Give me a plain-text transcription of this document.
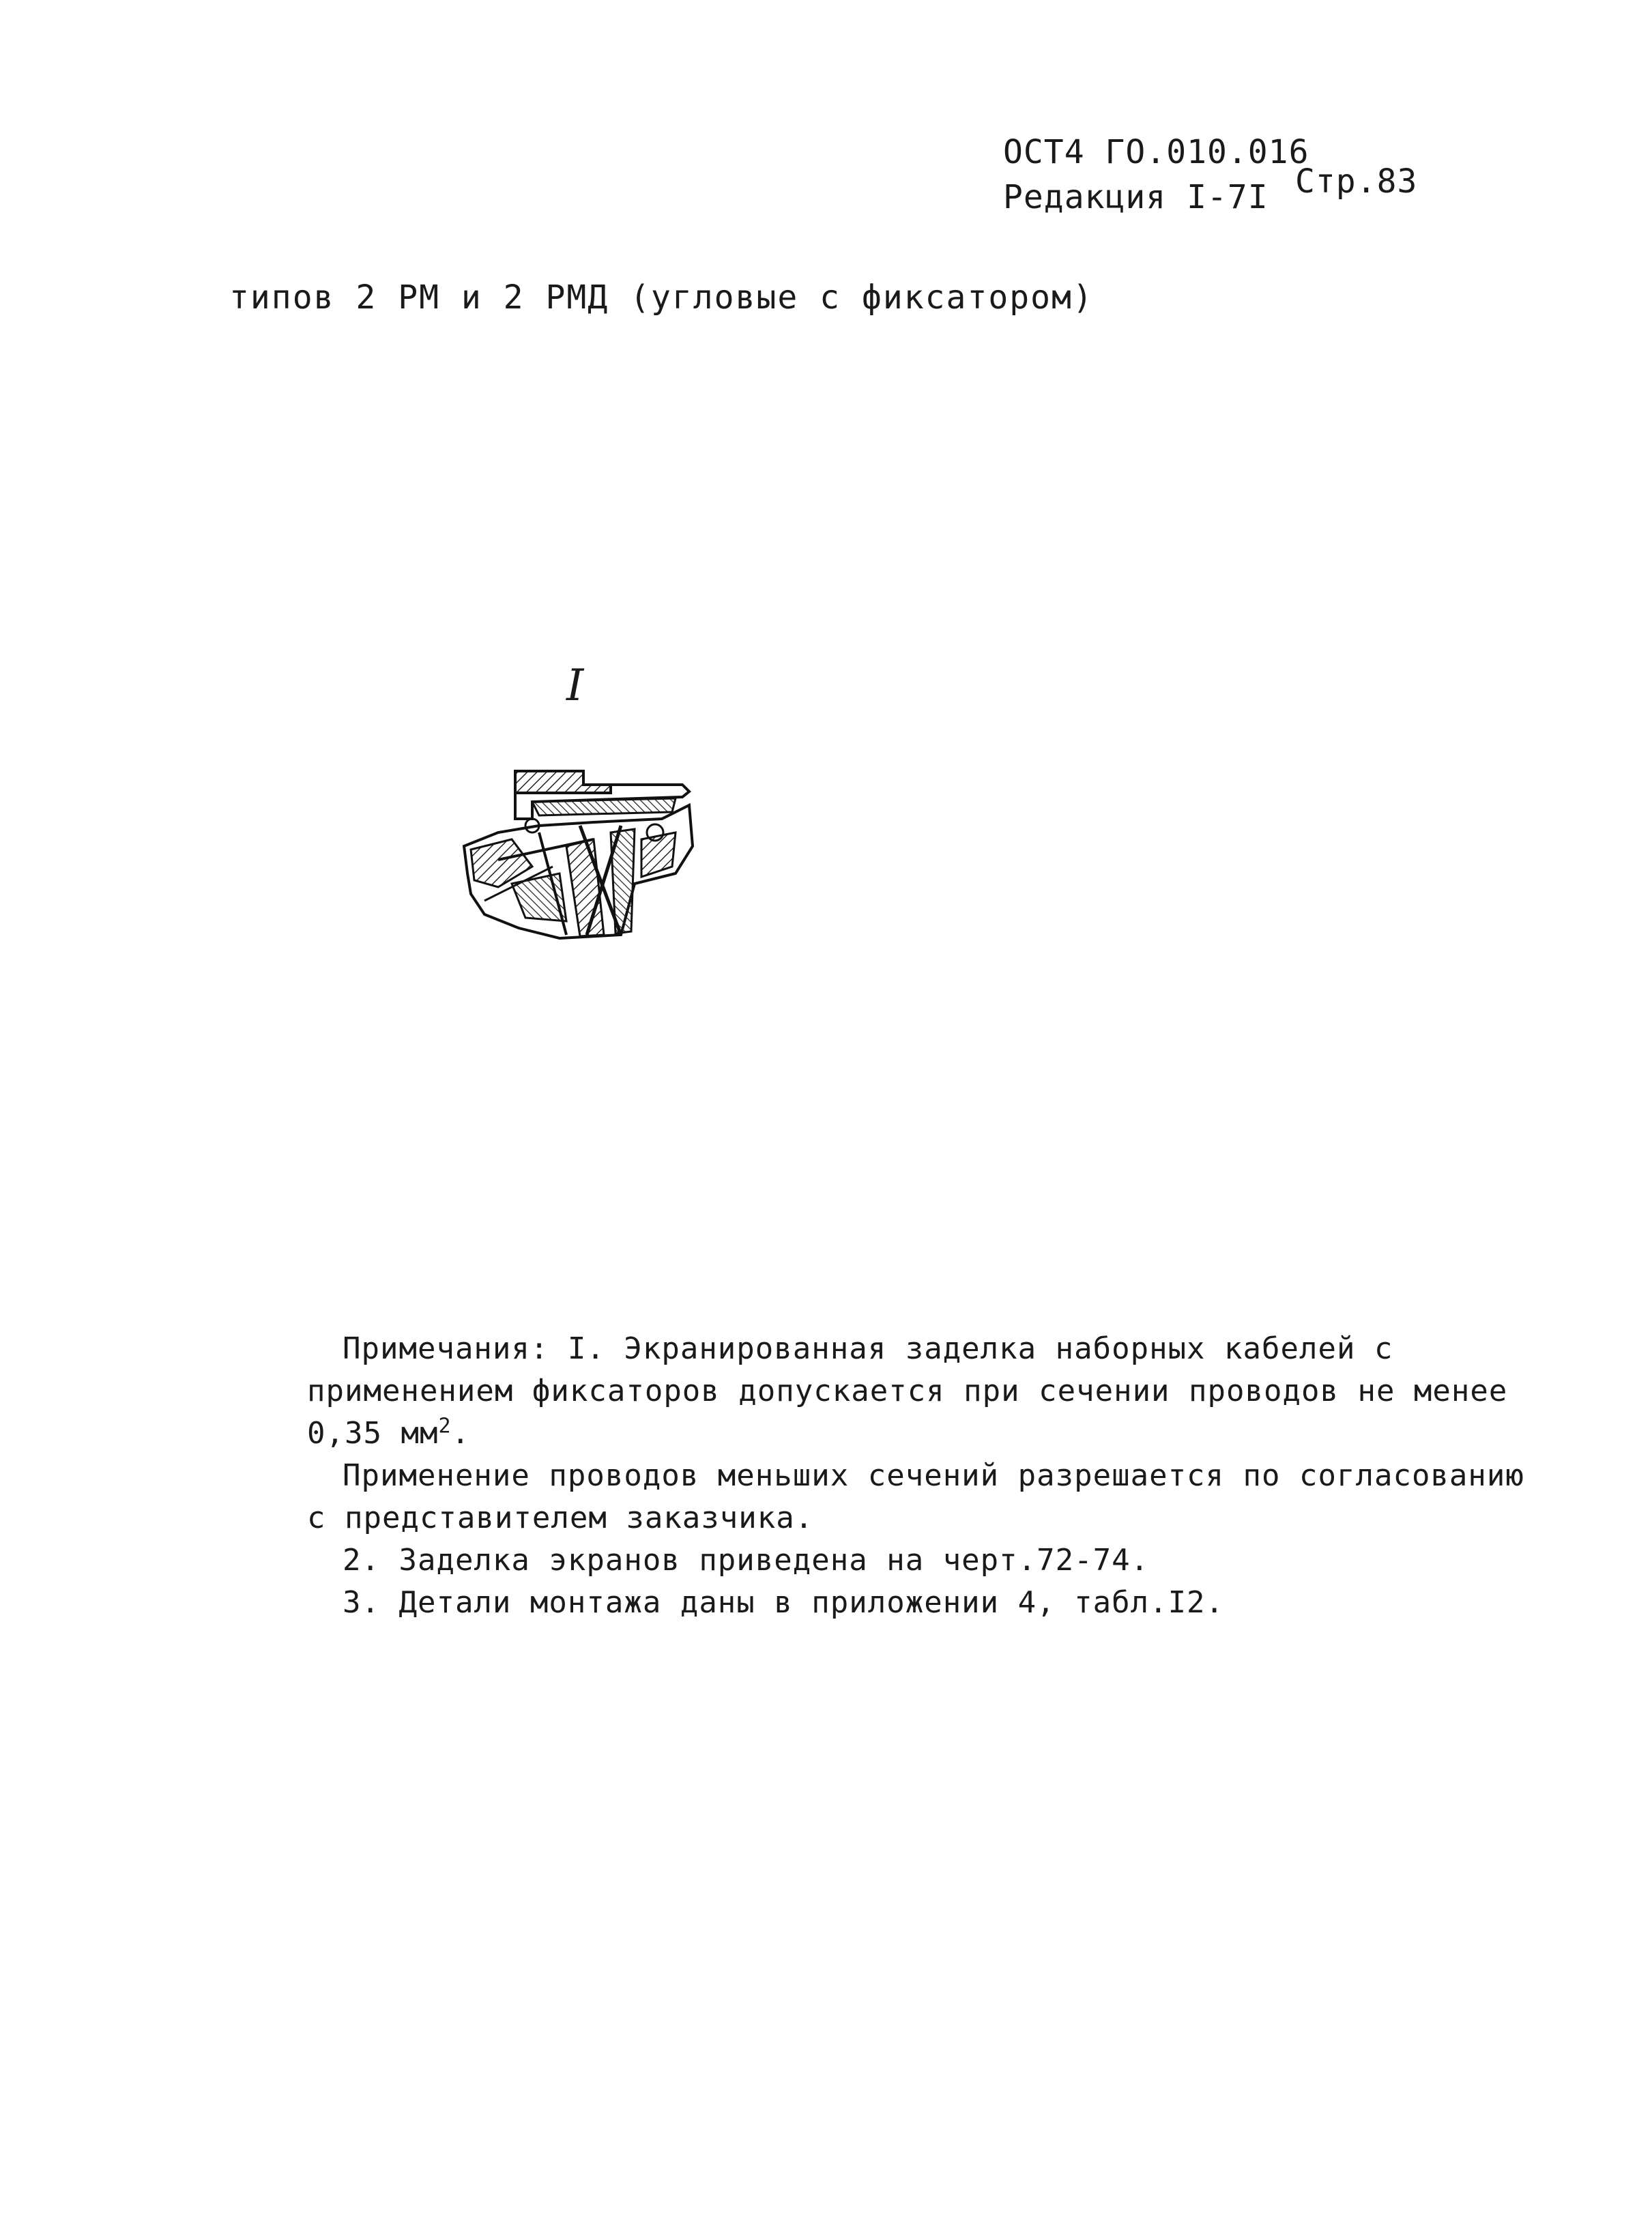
ОСТ4 ГО.010.016
Редакция I-7I Стр.83
типов 2 РМ и 2 РМД (угловые с фиксатором)
I
Примечания: I. Экранированная заделка наборных кабелей с
применением фиксаторов допускается при сечении проводов не менее
0,35 $мм^2$.
Применение проводов меньших сечений разрешается по согласованию
с представителем заказчика.
2. Заделка экранов приведена на черт.72-74.
3. Детали монтажа даны в приложении 4, табл.I2.
